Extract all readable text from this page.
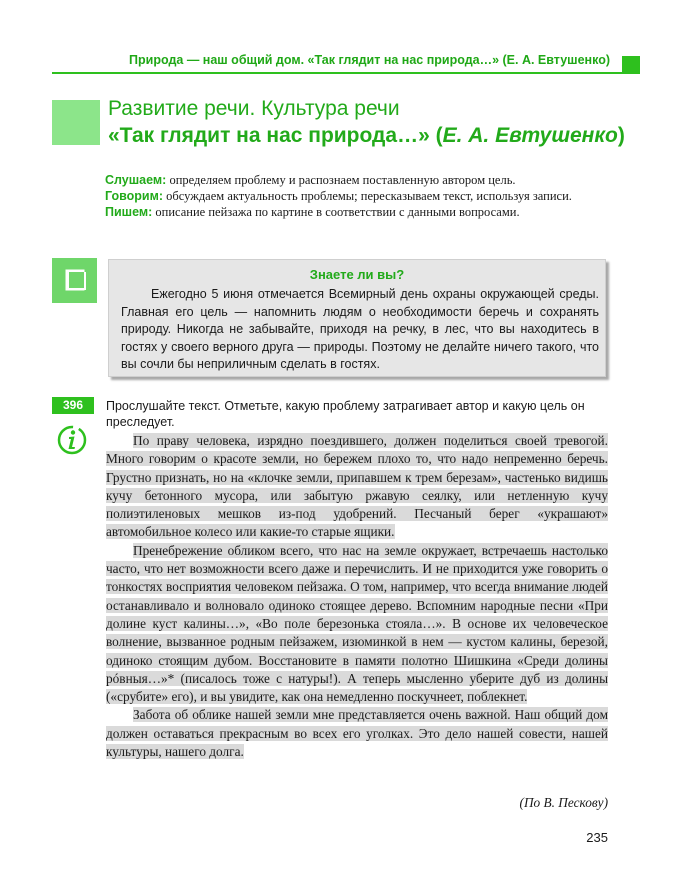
Природа — наш общий дом. «Так глядит на нас природа…» (Е. А. Евтушенко)
Развитие речи. Культура речи
«Так глядит на нас природа…» (Е. А. Евтушенко)
Слушаем: определяем проблему и распознаем поставленную автором цель.
Говорим: обсуждаем актуальность проблемы; пересказываем текст, используя записи.
Пишем: описание пейзажа по картине в соответствии с данными вопросами.
Знаете ли вы?
Ежегодно 5 июня отмечается Всемирный день охраны окружающей среды. Главная его цель — напомнить людям о необходимости беречь и сохранять природу. Никогда не забывайте, приходя на речку, в лес, что вы находитесь в гостях у своего верного друга — природы. Поэтому не делайте ничего такого, что вы сочли бы неприличным сделать в гостях.
396	Прослушайте текст. Отметьте, какую проблему затрагивает автор и какую цель он преследует.

По праву человека, изрядно поездившего, должен поделиться своей тревогой. Много говорим о красоте земли, но бережем плохо то, что надо непременно беречь. Грустно признать, но на «клочке земли, припавшем к трем березам», частенько видишь кучу бетонного мусора, или забытую ржавую сеялку, или нетленную кучу полиэтиленовых мешков из-под удобрений. Песчаный берег «украшают» автомобильное колесо или какие-то старые ящики.

Пренебрежение обликом всего, что нас на земле окружает, встречаешь настолько часто, что нет возможности всего даже и перечислить. И не приходится уже говорить о тонкостях восприятия человеком пейзажа. О том, например, что всегда внимание людей останавливало и волновало одиноко стоящее дерево. Вспомним народные песни «При долине куст калины…», «Во поле березонька стояла…». В основе их человеческое волнение, вызванное родным пейзажем, изюминкой в нем — кустом калины, березой, одиноко стоящим дубом. Восстановите в памяти полотно Шишкина «Среди долины рóвныя…»* (писалось тоже с натуры!). А теперь мысленно уберите дуб из долины («срубите» его), и вы увидите, как она немедленно поскучнеет, поблекнет.

Забота об облике нашей земли мне представляется очень важной. Наш общий дом должен оставаться прекрасным во всех его уголках. Это дело нашей совести, нашей культуры, нашего долга.

(По В. Пескову)
235
